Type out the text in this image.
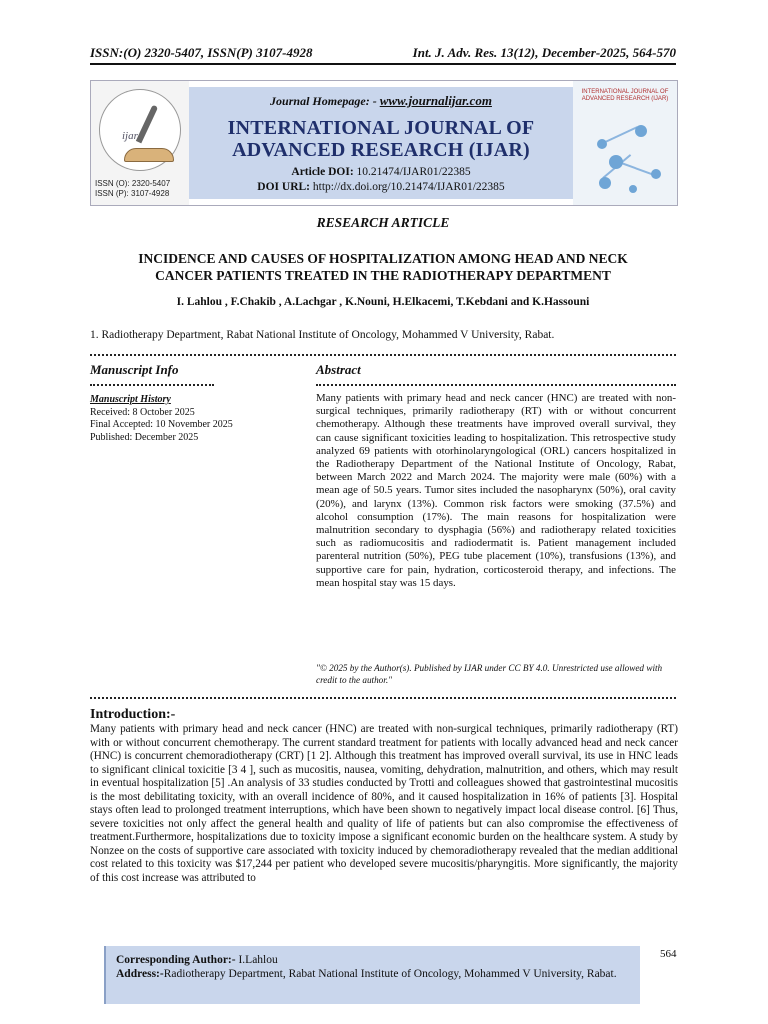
ISSN:(O) 2320-5407, ISSN(P) 3107-4928	Int. J. Adv. Res. 13(12), December-2025, 564-570
ijar
ISSN (O): 2320-5407
ISSN (P): 3107-4928
Journal Homepage: - www.journalijar.com
INTERNATIONAL JOURNAL OF
ADVANCED RESEARCH (IJAR)
Article DOI: 10.21474/IJAR01/22385
DOI URL: http://dx.doi.org/10.21474/IJAR01/22385
INTERNATIONAL JOURNAL OF ADVANCED RESEARCH (IJAR)
RESEARCH ARTICLE
INCIDENCE AND CAUSES OF HOSPITALIZATION AMONG HEAD AND NECK
CANCER PATIENTS TREATED IN THE RADIOTHERAPY DEPARTMENT
I. Lahlou , F.Chakib , A.Lachgar , K.Nouni, H.Elkacemi, T.Kebdani and K.Hassouni
1. Radiotherapy Department, Rabat National Institute of Oncology, Mohammed V University, Rabat.
Manuscript Info	Abstract
Manuscript History
Received: 8 October 2025
Final Accepted: 10 November 2025
Published: December 2025
Many patients with primary head and neck cancer (HNC) are treated with non-surgical techniques, primarily radiotherapy (RT) with or without concurrent chemotherapy. Although these treatments have improved overall survival, they can cause significant toxicities leading to hospitalization. This retrospective study analyzed 69 patients with otorhinolaryngological (ORL) cancers hospitalized in the Radiotherapy Department of the National Institute of Oncology, Rabat, between March 2022 and March 2024. The majority were male (60%) with a mean age of 50.5 years. Tumor sites included the nasopharynx (50%), oral cavity (20%), and larynx (13%). Common risk factors were smoking (37.5%) and alcohol consumption (17%). The main reasons for hospitalization were malnutrition secondary to dysphagia (56%) and radiotherapy related toxicities such as radiomucositis and radiodermatit is. Patient management included parenteral nutrition (50%), PEG tube placement (10%), transfusions (13%), and supportive care for pain, hydration, corticosteroid therapy, and infections. The mean hospital stay was 15 days.
"© 2025 by the Author(s). Published by IJAR under CC BY 4.0. Unrestricted use allowed with credit to the author."
Introduction:-
Many patients with primary head and neck cancer (HNC) are treated with non-surgical techniques, primarily radiotherapy (RT) with or without concurrent chemotherapy. The current standard treatment for patients with locally advanced head and neck cancer (HNC) is concurrent chemoradiotherapy (CRT) [1 2]. Although this treatment has improved overall survival, its use in HNC leads to significant clinical toxicitie [3 4 ], such as mucositis, nausea, vomiting, dehydration, malnutrition, and others, which may result in eventual hospitalization [5] .An analysis of 33 studies conducted by Trotti and colleagues showed that gastrointestinal mucositis is the most debilitating toxicity, with an overall incidence of 80%, and it caused hospitalization in 16% of patients [3]. Hospital stays often lead to prolonged treatment interruptions, which have been shown to negatively impact local disease control. [6] Thus, severe toxicities not only affect the general health and quality of life of patients but can also compromise the effectiveness of treatment.Furthermore, hospitalizations due to toxicity impose a significant economic burden on the healthcare system. A study by Nonzee on the costs of supportive care associated with toxicity induced by chemoradiotherapy revealed that the median additional cost related to this toxicity was $17,244 per patient who developed severe mucositis/pharyngitis. More significantly, the majority of this cost increase was attributed to
Corresponding Author:- I.Lahlou
Address:-Radiotherapy Department, Rabat National Institute of Oncology, Mohammed V University, Rabat.
564
